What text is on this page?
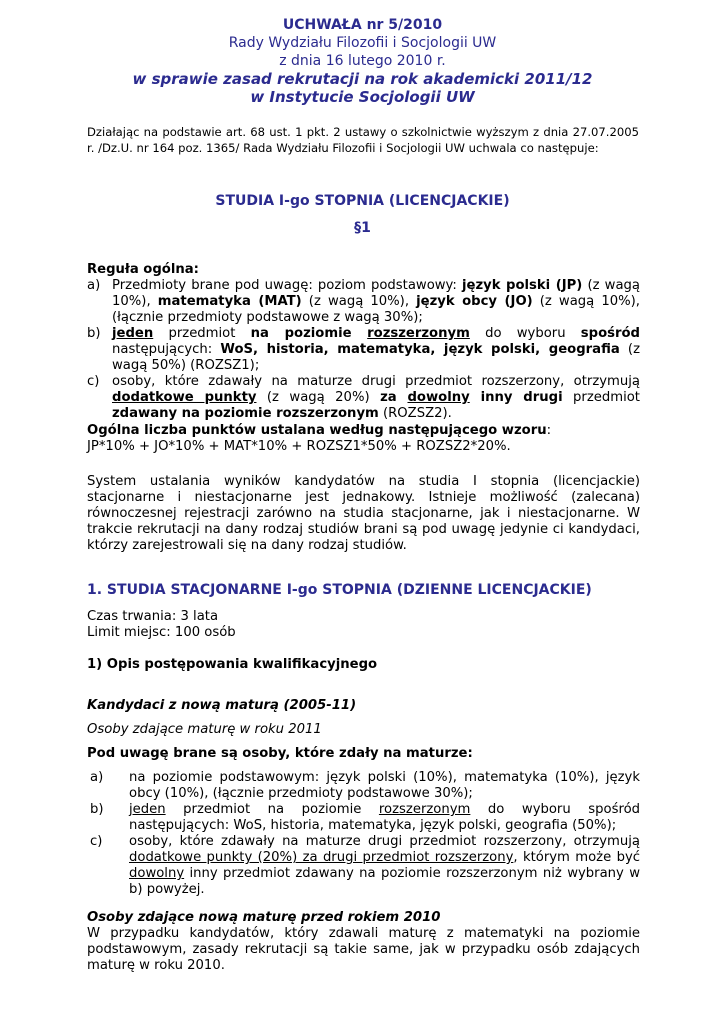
UCHWAŁA nr 5/2010
Rady Wydziału Filozofii i Socjologii UW
z dnia 16 lutego 2010 r.
w sprawie zasad rekrutacji na rok akademicki 2011/12
w Instytucie Socjologii UW
Działając na podstawie art. 68 ust. 1 pkt. 2 ustawy o szkolnictwie wyższym z dnia 27.07.2005 r. /Dz.U. nr 164 poz. 1365/ Rada Wydziału Filozofii i Socjologii UW uchwala co następuje:
STUDIA I-go STOPNIA (LICENCJACKIE)
§1
Reguła ogólna:
a) Przedmioty brane pod uwagę: poziom podstawowy: język polski (JP) (z wagą 10%), matematyka (MAT) (z wagą 10%), język obcy (JO) (z wagą 10%), (łącznie przedmioty podstawowe z wagą 30%);
b) jeden przedmiot na poziomie rozszerzonym do wyboru spośród następujących: WoS, historia, matematyka, język polski, geografia (z wagą 50%) (ROZSZ1);
c) osoby, które zdawały na maturze drugi przedmiot rozszerzony, otrzymują dodatkowe punkty (z wagą 20%) za dowolny inny drugi przedmiot zdawany na poziomie rozszerzonym (ROZSZ2).
Ogólna liczba punktów ustalana według następującego wzoru:
JP*10% + JO*10% + MAT*10% + ROZSZ1*50% + ROZSZ2*20%.
System ustalania wyników kandydatów na studia I stopnia (licencjackie) stacjonarne i niestacjonarne jest jednakowy. Istnieje możliwość (zalecana) równoczesnej rejestracji zarówno na studia stacjonarne, jak i niestacjonarne. W trakcie rekrutacji na dany rodzaj studiów brani są pod uwagę jedynie ci kandydaci, którzy zarejestrowali się na dany rodzaj studiów.
1. STUDIA STACJONARNE I-go STOPNIA (DZIENNE LICENCJACKIE)
Czas trwania: 3 lata
Limit miejsc: 100 osób
1) Opis postępowania kwalifikacyjnego
Kandydaci z nową maturą (2005-11)
Osoby zdające maturę w roku 2011
Pod uwagę brane są osoby, które zdały na maturze:
a) na poziomie podstawowym: język polski (10%), matematyka (10%), język obcy (10%), (łącznie przedmioty podstawowe 30%);
b) jeden przedmiot na poziomie rozszerzonym do wyboru spośród następujących: WoS, historia, matematyka, język polski, geografia (50%);
c) osoby, które zdawały na maturze drugi przedmiot rozszerzony, otrzymują dodatkowe punkty (20%) za drugi przedmiot rozszerzony, którym może być dowolny inny przedmiot zdawany na poziomie rozszerzonym niż wybrany w b) powyżej.
Osoby zdające nową maturę przed rokiem 2010
W przypadku kandydatów, który zdawali maturę z matematyki na poziomie podstawowym, zasady rekrutacji są takie same, jak w przypadku osób zdających maturę w roku 2010.
